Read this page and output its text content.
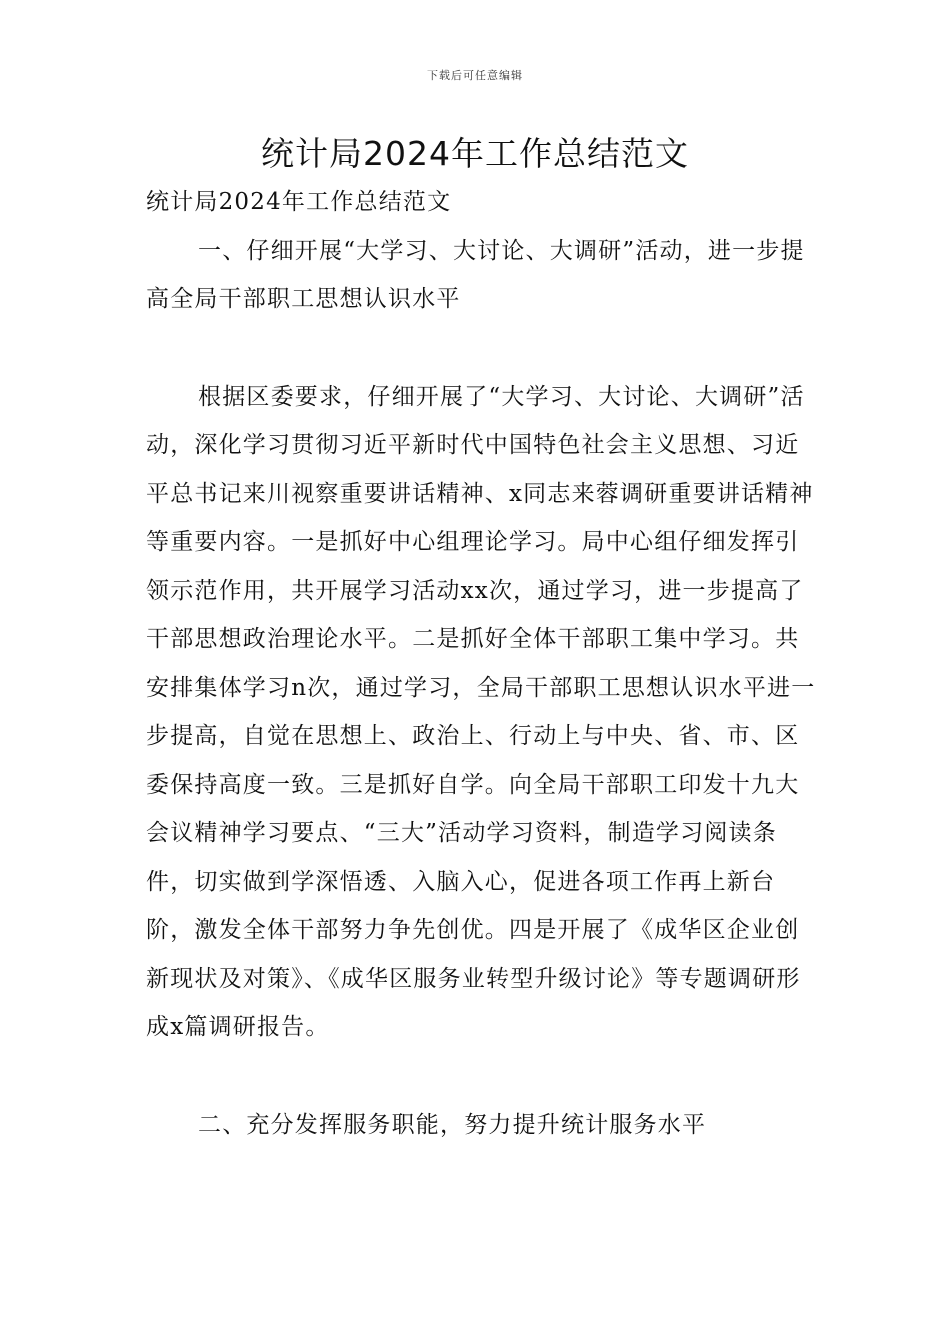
下载后可任意编辑
统计局2024年工作总结范文

统计局2024年工作总结范文

一、仔细开展“大学习、大讨论、大调研”活动，进一步提高全局干部职工思想认识水平

根据区委要求，仔细开展了“大学习、大讨论、大调研”活动，深化学习贯彻习近平新时代中国特色社会主义思想、习近平总书记来川视察重要讲话精神、x同志来蓉调研重要讲话精神等重要内容。一是抓好中心组理论学习。局中心组仔细发挥引领示范作用，共开展学习活动xx次，通过学习，进一步提高了干部思想政治理论水平。二是抓好全体干部职工集中学习。共安排集体学习n次，通过学习，全局干部职工思想认识水平进一步提高，自觉在思想上、政治上、行动上与中央、省、市、区委保持高度一致。三是抓好自学。向全局干部职工印发十九大会议精神学习要点、“三大”活动学习资料，制造学习阅读条件，切实做到学深悟透、入脑入心，促进各项工作再上新台阶，激发全体干部努力争先创优。四是开展了《成华区企业创新现状及对策》、《成华区服务业转型升级讨论》等专题调研形成x篇调研报告。

二、充分发挥服务职能，努力提升统计服务水平
